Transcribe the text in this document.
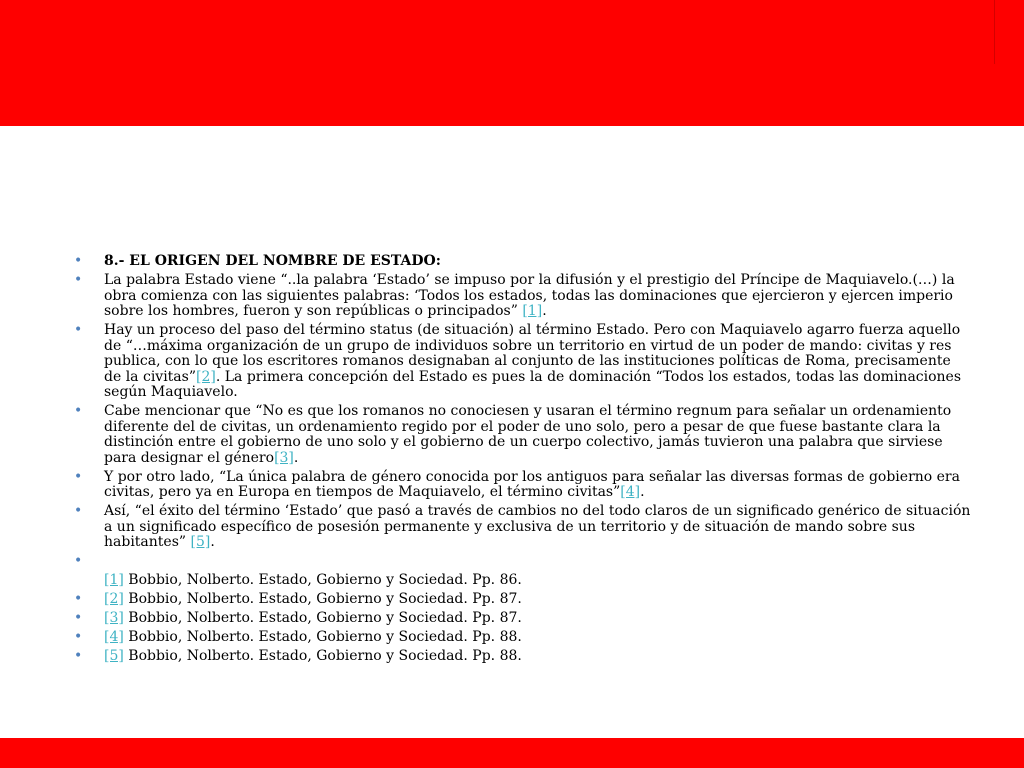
• 8.- EL ORIGEN DEL NOMBRE DE ESTADO:
• La palabra Estado viene “..la palabra ‘Estado’ se impuso por la difusión y el prestigio del Príncipe de Maquiavelo.(…) la obra comienza con las siguientes palabras: ‘Todos los estados, todas las dominaciones que ejercieron y ejercen imperio sobre los hombres, fueron y son repúblicas o principados” [1].
• Hay un proceso del paso del término status (de situación) al término Estado. Pero con Maquiavelo agarro fuerza aquello de “…máxima organización de un grupo de individuos sobre un territorio en virtud de un poder de mando: civitas y res publica, con lo que los escritores romanos designaban al conjunto de las instituciones políticas de Roma, precisamente de la civitas”[2]. La primera concepción del Estado es pues la de dominación “Todos los estados, todas las dominaciones según Maquiavelo.
• Cabe mencionar que “No es que los romanos no conociesen y usaran el término regnum para señalar un ordenamiento diferente del de civitas, un ordenamiento regido por el poder de uno solo, pero a pesar de que fuese bastante clara la distinción entre el gobierno de uno solo y el gobierno de un cuerpo colectivo, jamás tuvieron una palabra que sirviese para designar el género[3].
• Y por otro lado, “La única palabra de género conocida por los antiguos para señalar las diversas formas de gobierno era civitas, pero ya en Europa en tiempos de Maquiavelo, el término civitas”[4].
• Así, “el éxito del término ‘Estado’ que pasó a través de cambios no del todo claros de un significado genérico de situación a un significado específico de posesión permanente y exclusiva de un territorio y de situación de mando sobre sus habitantes” [5].
•

[1] Bobbio, Nolberto. Estado, Gobierno y Sociedad. Pp. 86.
• [2] Bobbio, Nolberto. Estado, Gobierno y Sociedad. Pp. 87.
• [3] Bobbio, Nolberto. Estado, Gobierno y Sociedad. Pp. 87.
• [4] Bobbio, Nolberto. Estado, Gobierno y Sociedad. Pp. 88.
• [5] Bobbio, Nolberto. Estado, Gobierno y Sociedad. Pp. 88.
